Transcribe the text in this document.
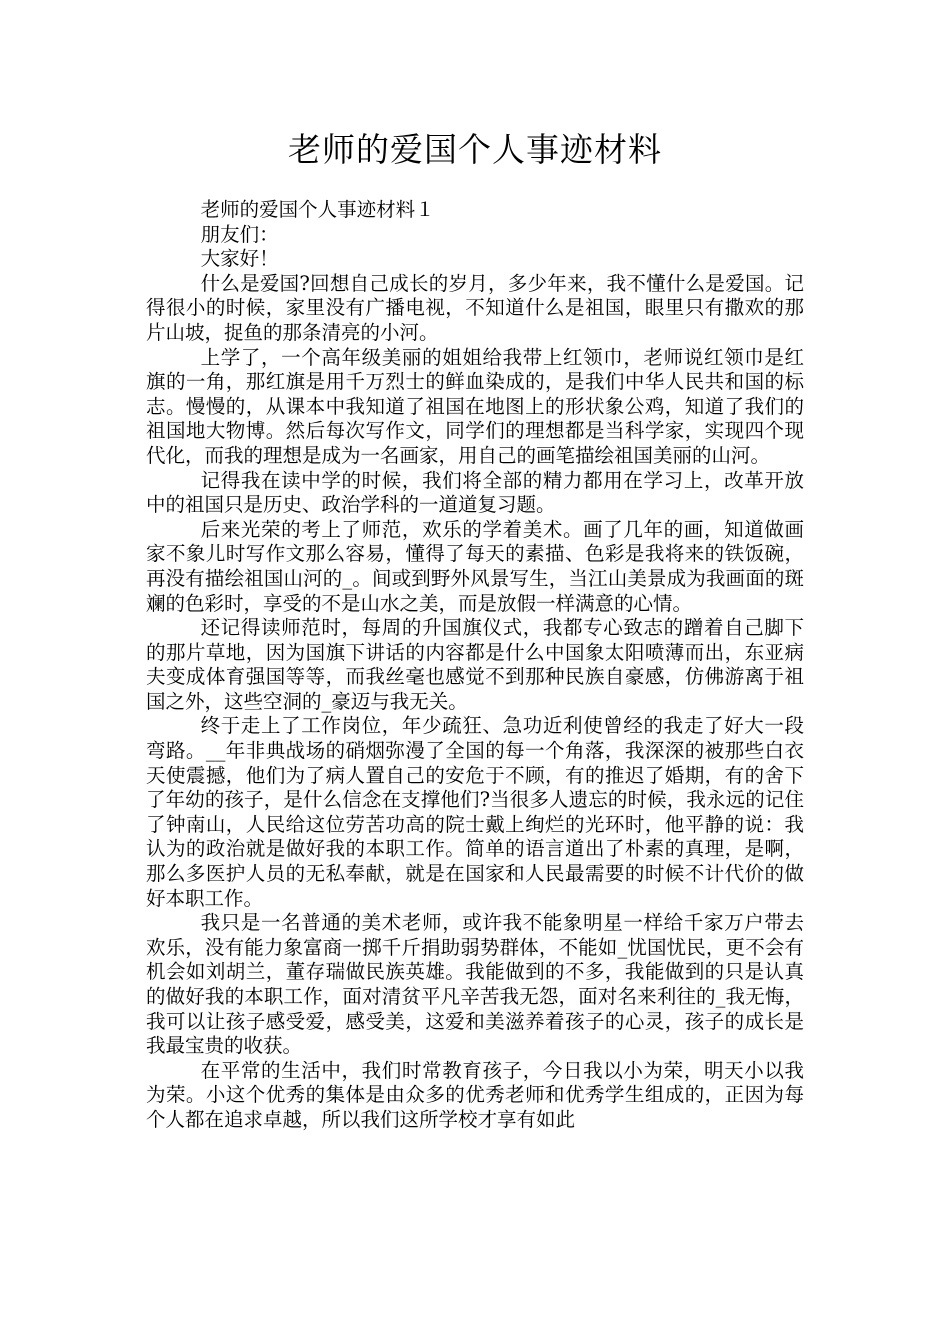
老师的爱国个人事迹材料

老师的爱国个人事迹材料１

朋友们：

大家好！

什么是爱国?回想自己成长的岁月，多少年来，我不懂什么是爱国。记得很小的时候，家里没有广播电视，不知道什么是祖国，眼里只有撒欢的那片山坡，捉鱼的那条清亮的小河。

上学了，一个高年级美丽的姐姐给我带上红领巾，老师说红领巾是红旗的一角，那红旗是用千万烈士的鲜血染成的，是我们中华人民共和国的标志。慢慢的，从课本中我知道了祖国在地图上的形状象公鸡，知道了我们的祖国地大物博。然后每次写作文，同学们的理想都是当科学家，实现四个现代化，而我的理想是成为一名画家，用自己的画笔描绘祖国美丽的山河。

记得我在读中学的时候，我们将全部的精力都用在学习上，改革开放中的祖国只是历史、政治学科的一道道复习题。

后来光荣的考上了师范，欢乐的学着美术。画了几年的画，知道做画家不象儿时写作文那么容易，懂得了每天的素描、色彩是我将来的铁饭碗，再没有描绘祖国山河的_。间或到野外风景写生，当江山美景成为我画面的斑斓的色彩时，享受的不是山水之美，而是放假一样满意的心情。

还记得读师范时，每周的升国旗仪式，我都专心致志的蹭着自己脚下的那片草地，因为国旗下讲话的内容都是什么中国象太阳喷薄而出，东亚病夫变成体育强国等等，而我丝毫也感觉不到那种民族自豪感，仿佛游离于祖国之外，这些空洞的_豪迈与我无关。

终于走上了工作岗位，年少疏狂、急功近利使曾经的我走了好大一段弯路。__年非典战场的硝烟弥漫了全国的每一个角落，我深深的被那些白衣天使震撼，他们为了病人置自己的安危于不顾，有的推迟了婚期，有的舍下了年幼的孩子，是什么信念在支撑他们?当很多人遗忘的时候，我永远的记住了钟南山，人民给这位劳苦功高的院士戴上绚烂的光环时，他平静的说：我认为的政治就是做好我的本职工作。简单的语言道出了朴素的真理，是啊，那么多医护人员的无私奉献，就是在国家和人民最需要的时候不计代价的做好本职工作。

我只是一名普通的美术老师，或许我不能象明星一样给千家万户带去欢乐，没有能力象富商一掷千斤捐助弱势群体，不能如_忧国忧民，更不会有机会如刘胡兰，董存瑞做民族英雄。我能做到的不多，我能做到的只是认真的做好我的本职工作，面对清贫平凡辛苦我无怨，面对名来利往的_我无悔，我可以让孩子感受爱，感受美，这爱和美滋养着孩子的心灵，孩子的成长是我最宝贵的收获。

在平常的生活中，我们时常教育孩子，今日我以小为荣，明天小以我为荣。小这个优秀的集体是由众多的优秀老师和优秀学生组成的，正因为每个人都在追求卓越，所以我们这所学校才享有如此
